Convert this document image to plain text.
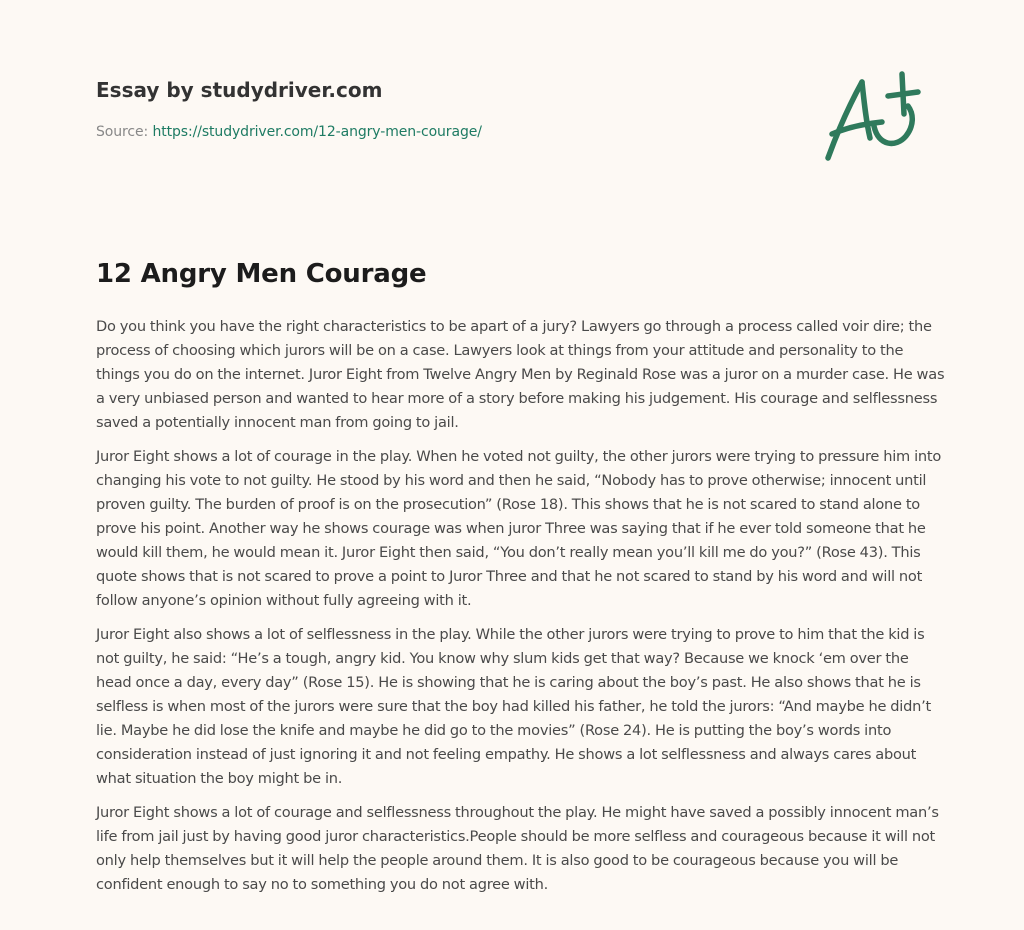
Essay by studydriver.com
Source: https://studydriver.com/12-angry-men-courage/
12 Angry Men Courage

Do you think you have the right characteristics to be apart of a jury? Lawyers go through a process called voir dire; the process of choosing which jurors will be on a case. Lawyers look at things from your attitude and personality to the things you do on the internet. Juror Eight from Twelve Angry Men by Reginald Rose was a juror on a murder case. He was a very unbiased person and wanted to hear more of a story before making his judgement. His courage and selflessness saved a potentially innocent man from going to jail.

Juror Eight shows a lot of courage in the play. When he voted not guilty, the other jurors were trying to pressure him into changing his vote to not guilty. He stood by his word and then he said, “Nobody has to prove otherwise; innocent until proven guilty. The burden of proof is on the prosecution” (Rose 18). This shows that he is not scared to stand alone to prove his point. Another way he shows courage was when juror Three was saying that if he ever told someone that he would kill them, he would mean it. Juror Eight then said, “You don’t really mean you’ll kill me do you?” (Rose 43). This quote shows that is not scared to prove a point to Juror Three and that he not scared to stand by his word and will not follow anyone’s opinion without fully agreeing with it.

Juror Eight also shows a lot of selflessness in the play. While the other jurors were trying to prove to him that the kid is not guilty, he said: “He’s a tough, angry kid. You know why slum kids get that way? Because we knock ‘em over the head once a day, every day” (Rose 15). He is showing that he is caring about the boy’s past. He also shows that he is selfless is when most of the jurors were sure that the boy had killed his father, he told the jurors: “And maybe he didn’t lie. Maybe he did lose the knife and maybe he did go to the movies” (Rose 24). He is putting the boy’s words into consideration instead of just ignoring it and not feeling empathy. He shows a lot selflessness and always cares about what situation the boy might be in.

Juror Eight shows a lot of courage and selflessness throughout the play. He might have saved a possibly innocent man’s life from jail just by having good juror characteristics.People should be more selfless and courageous because it will not only help themselves but it will help the people around them. It is also good to be courageous because you will be confident enough to say no to something you do not agree with.
